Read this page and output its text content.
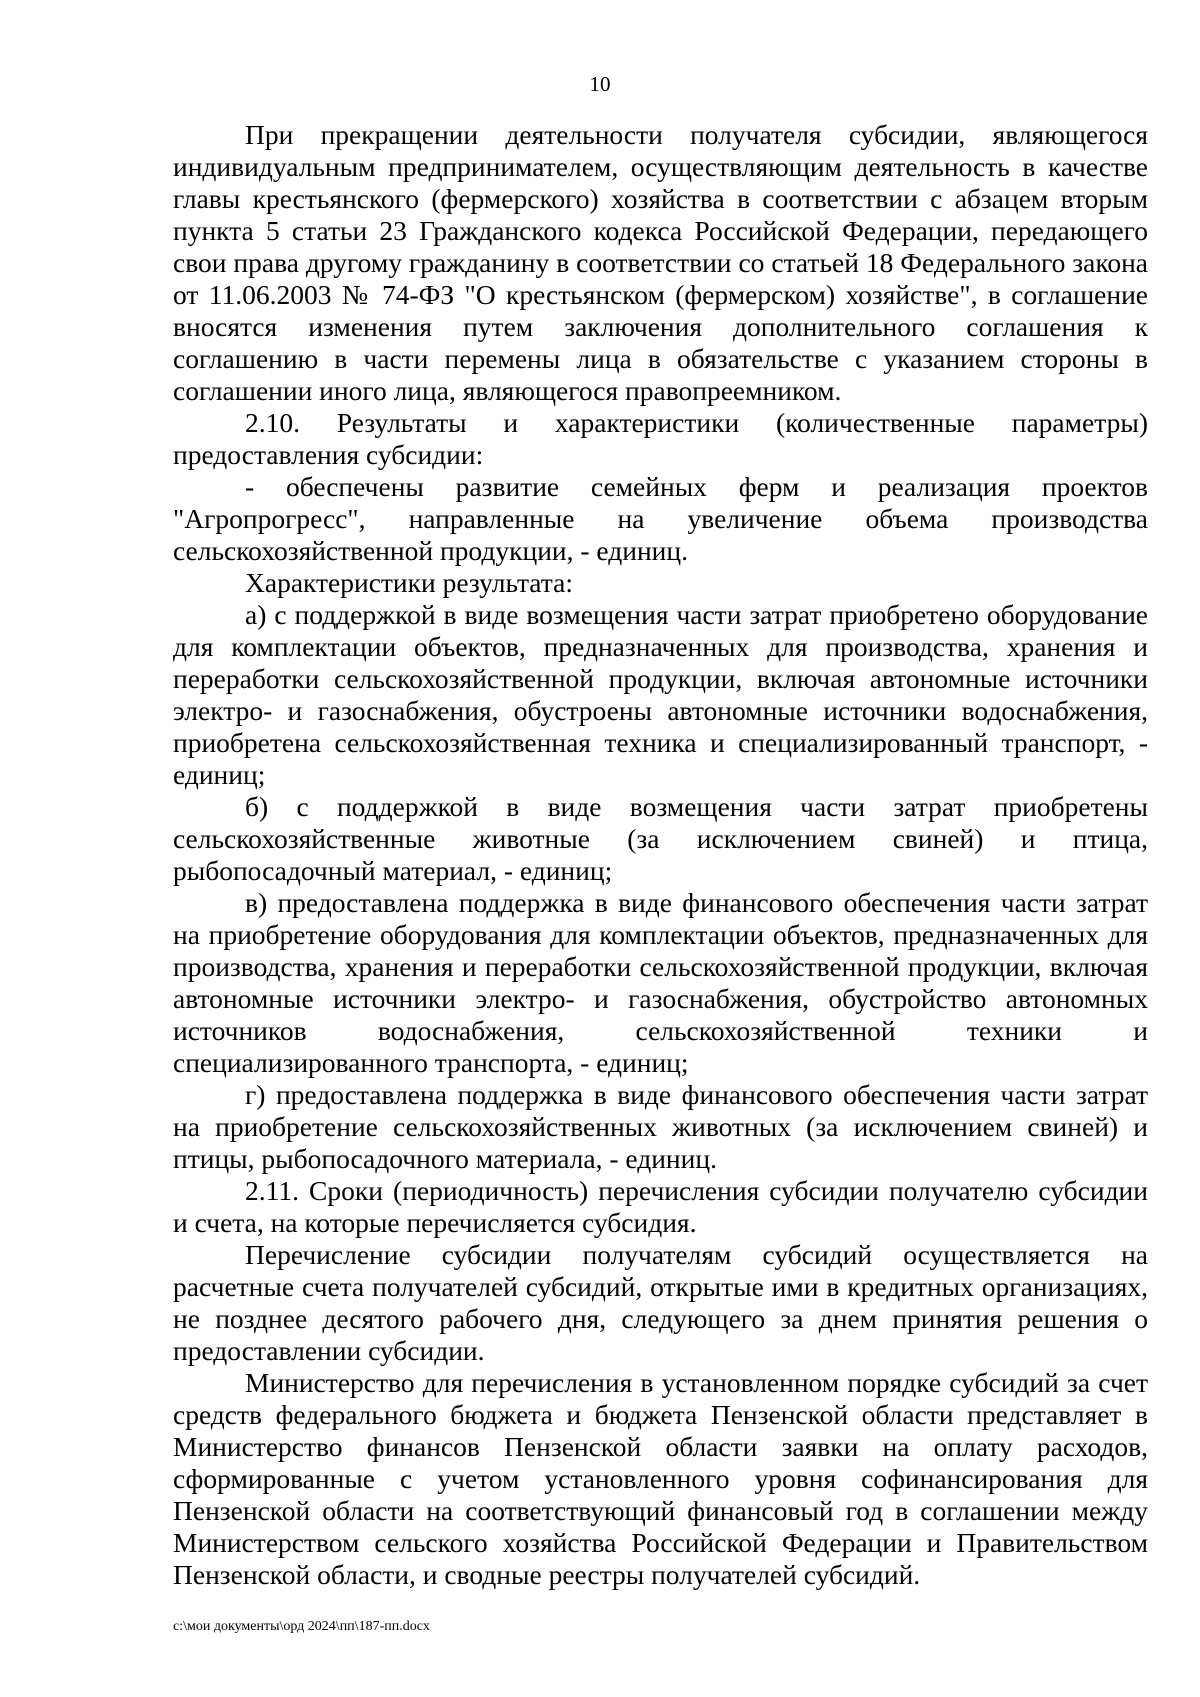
10

При прекращении деятельности получателя субсидии, являющегося индивидуальным предпринимателем, осуществляющим деятельность в качестве главы крестьянского (фермерского) хозяйства в соответствии с абзацем вторым пункта 5 статьи 23 Гражданского кодекса Российской Федерации, передающего свои права другому гражданину в соответствии со статьей 18 Федерального закона от 11.06.2003 № 74-ФЗ "О крестьянском (фермерском) хозяйстве", в соглашение вносятся изменения путем заключения дополнительного соглашения к соглашению в части перемены лица в обязательстве с указанием стороны в соглашении иного лица, являющегося правопреемником.

2.10. Результаты и характеристики (количественные параметры) предоставления субсидии:

- обеспечены развитие семейных ферм и реализация проектов "Агропрогресс", направленные на увеличение объема производства сельскохозяйственной продукции, - единиц.

Характеристики результата:

а) с поддержкой в виде возмещения части затрат приобретено оборудование для комплектации объектов, предназначенных для производства, хранения и переработки сельскохозяйственной продукции, включая автономные источники электро- и газоснабжения, обустроены автономные источники водоснабжения, приобретена сельскохозяйственная техника и специализированный транспорт, - единиц;

б) с поддержкой в виде возмещения части затрат приобретены сельскохозяйственные животные (за исключением свиней) и птица, рыбопосадочный материал, - единиц;

в) предоставлена поддержка в виде финансового обеспечения части затрат на приобретение оборудования для комплектации объектов, предназначенных для производства, хранения и переработки сельскохозяйственной продукции, включая автономные источники электро- и газоснабжения, обустройство автономных источников водоснабжения, сельскохозяйственной техники и специализированного транспорта, - единиц;

г) предоставлена поддержка в виде финансового обеспечения части затрат на приобретение сельскохозяйственных животных (за исключением свиней) и птицы, рыбопосадочного материала, - единиц.

2.11. Сроки (периодичность) перечисления субсидии получателю субсидии и счета, на которые перечисляется субсидия.

Перечисление субсидии получателям субсидий осуществляется на расчетные счета получателей субсидий, открытые ими в кредитных организациях, не позднее десятого рабочего дня, следующего за днем принятия решения о предоставлении субсидии.

Министерство для перечисления в установленном порядке субсидий за счет средств федерального бюджета и бюджета Пензенской области представляет в Министерство финансов Пензенской области заявки на оплату расходов, сформированные с учетом установленного уровня софинансирования для Пензенской области на соответствующий финансовый год в соглашении между Министерством сельского хозяйства Российской Федерации и Правительством Пензенской области, и сводные реестры получателей субсидий.

c:\мои документы\орд 2024\пп\187-пп.docx
